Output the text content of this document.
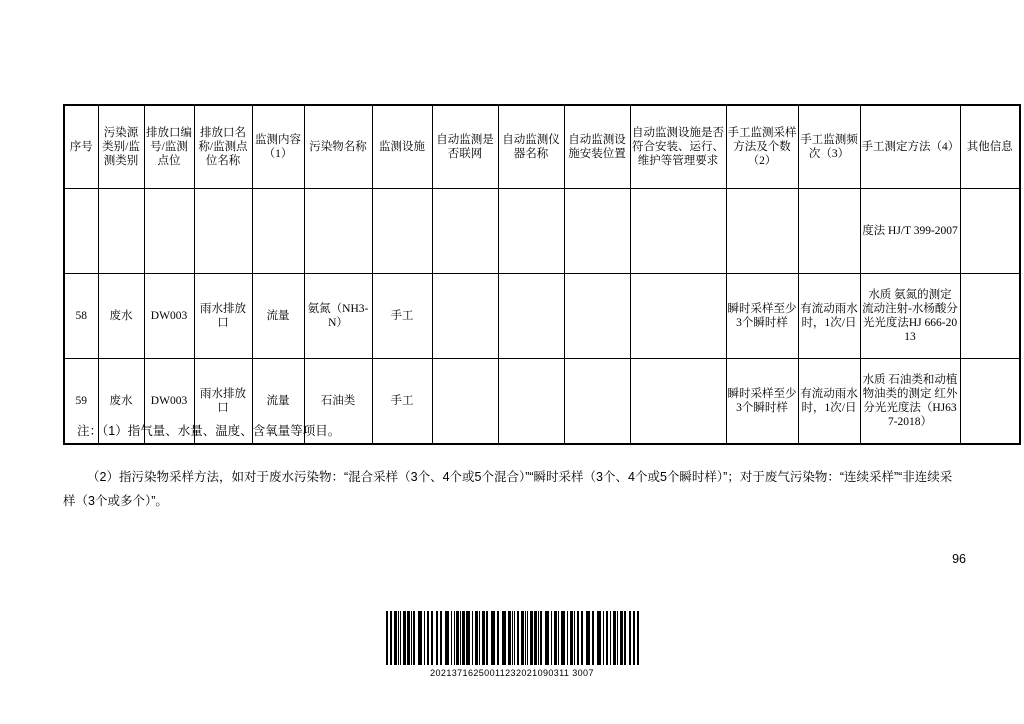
序号	污染源类别/监测类别	排放口编号/监测点位	排放口名称/监测点位名称	监测内容（1）	污染物名称	监测设施	自动监测是否联网	自动监测仪器名称	自动监测设施安装位置	自动监测设施是否符合安装、运行、维护等管理要求	手工监测采样方法及个数（2）	手工监测频次（3）	手工测定方法（4）	其他信息
													度法 HJ/T 399-2007	
58	废水	DW003	雨水排放口	流量	氨氮（NH3-N）	手工					瞬时采样至少3个瞬时样	有流动雨水时，1次/日	水质 氨氮的测定 流动注射-水杨酸分光光度法HJ 666-2013	
59	废水	DW003	雨水排放口	流量	石油类	手工					瞬时采样至少3个瞬时样	有流动雨水时，1次/日	水质 石油类和动植物油类的测定 红外分光光度法（HJ637-2018）	
注：（1）指气量、水量、温度、含氧量等项目。
（2）指污染物采样方法，如对于废水污染物：“混合采样（3个、4个或5个混合）”“瞬时采样（3个、4个或5个瞬时样）”；对于废气污染物：“连续采样”“非连续采样（3个或多个）”。
96
20213716250011232021090311 3007
